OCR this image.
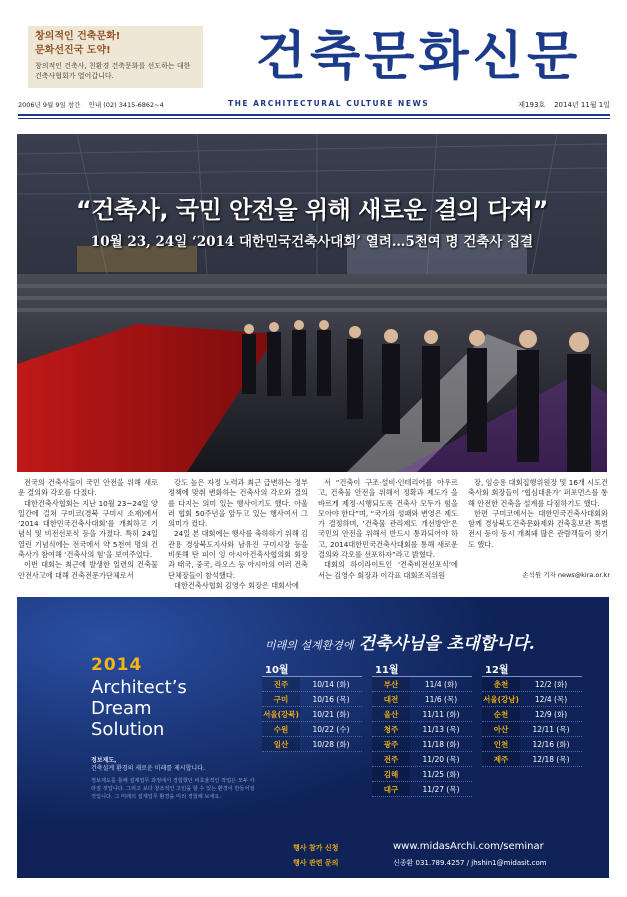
창의적인 건축문화!
문화선진국 도약!
창의적인 건축사, 친환경 건축문화를 선도하는 대한건축사협회가 열어갑니다.	건축문화신문
2006년 9월 9일 창간 안내 (02) 3415-6862~4	THE ARCHITECTURAL CULTURE NEWS	제193호 2014년 11월 1일
“건축사, 국민 안전을 위해 새로운 결의 다져”
10월 23, 24일 ‘2014 대한민국건축사대회’ 열려…5천여 명 건축사 집결

전국의 건축사들이 국민 안전을 위해 새로운 결의와 각오를 다졌다.

대한건축사협회는 지난 10월 23~24일 양일간에 걸쳐 구미코(경북 구미시 소재)에서 ‘2014 대한민국건축사대회’를 개최하고 기념식 및 비전선포식 등을 가졌다. 특히 24일 열린 기념식에는 전국에서 약 5천여 명의 건축사가 참여해 ‘건축사의 힘’을 보여주었다.

이번 대회는 최근에 발생한 일련의 건축물 안전사고에 대해 건축전문가단체로서

강도 높은 자정 노력과 최근 급변하는 정부정책에 맞춰 변화하는 건축사의 각오와 결의를 다지는 의미 있는 행사이기도 했다. 아울러 협회 50주년을 앞두고 있는 행사여서 그 의미가 컸다.

24일 본 대회에는 행사를 축하하기 위해 김관용 경상북도지사와 남유진 구미시장 등을 비롯해 탄 피이 잉 아시아건축사협의회 회장과 태국, 중국, 라오스 등 아시아의 여러 건축단체장들이 참석했다.

대한건축사협회 김영수 회장은 대회사에

서 “건축이 구조·설비·인테리어를 아우르고, 건축물 안전을 위해서 정확과 제도가 을 바르게 제정·시행되도록 건축사 모두가 힘을 모아야 한다”며, “국가의 성패와 변영은 제도가 결정하며, ‘건축물 관리제도 개선방안’은 국민의 안전을 위해서 반드시 통과되어야 하고, 2014대한민국건축사대회를 통해 새로운 결의와 각오를 선포하자”라고 밝혔다.

대회의 하이라이트인 ‘건축비전선포식’에서는 김영수 회장과 이각표 대회조직위원

장, 임승용 대회집행위원장 및 16개 시도건축사회 회장들이 ‘협심대윤가’ 퍼포먼스를 통해 안전한 건축을 설계를 다짐하기도 했다.

한편 구미코에서는 대한민국건축사대회와 함께 경상북도건축문화제와 건축홍보관 특별전시 등이 동시 개최돼 많은 관람객들이 찾기도 했다.

손석원 기자 news@kira.or.kr
2014
Architect’s
Dream
Solution
정보제도,
건축설계 환경의 새로운 미래를 제시합니다.
정보제도를 통해 설계업무 과정에서 경험했던 비효율적인 작업은 모두 사라질 것입니다. 그리고 보다 창조적인 고민을 할 수 있는 환경이 만들어질 것입니다. 그 미래의 설계업무 환경을 미리 경험해 보세요.
미래의 설계환경에 건축사님을 초대합니다.
10월
진주	10/14 (화)
구미	10/16 (목)
서울(강북)	10/21 (화)
수원	10/22 (수)
일산	10/28 (화)
11월
부산	11/4 (화)
대전	11/6 (목)
울산	11/11 (화)
청주	11/13 (목)
광주	11/18 (화)
전주	11/20 (목)
김해	11/25 (화)
대구	11/27 (목)
12월
춘천	12/2 (화)
서울(강남)	12/4 (목)
순천	12/9 (화)
아산	12/11 (목)
인천	12/16 (화)
제주	12/18 (목)
행사 참가 신청	www.midasArchi.com/seminar
행사 관련 문의	신종환 031.789.4257 / jhshin1@midasit.com
